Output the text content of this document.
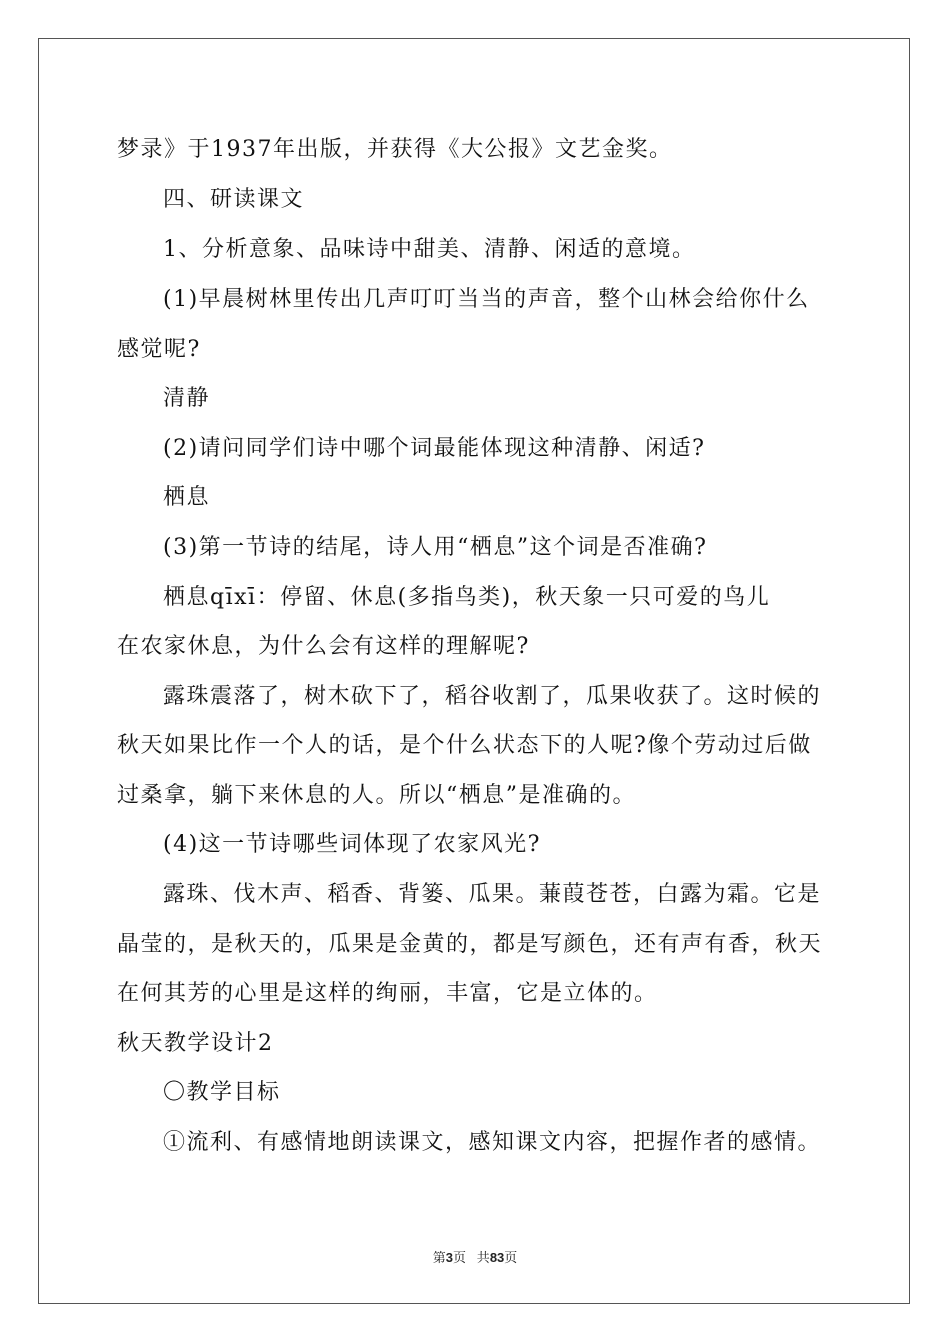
梦录》于1937年出版，并获得《大公报》文艺金奖。
四、研读课文
1、分析意象、品味诗中甜美、清静、闲适的意境。
(1)早晨树林里传出几声叮叮当当的声音，整个山林会给你什么
感觉呢?
清静
(2)请问同学们诗中哪个词最能体现这种清静、闲适?
栖息
(3)第一节诗的结尾，诗人用“栖息”这个词是否准确?
栖息qīxī：停留、休息(多指鸟类)，秋天象一只可爱的鸟儿
在农家休息，为什么会有这样的理解呢?
露珠震落了，树木砍下了，稻谷收割了，瓜果收获了。这时候的
秋天如果比作一个人的话，是个什么状态下的人呢?像个劳动过后做
过桑拿，躺下来休息的人。所以“栖息”是准确的。
(4)这一节诗哪些词体现了农家风光?
露珠、伐木声、稻香、背篓、瓜果。蒹葭苍苍，白露为霜。它是
晶莹的，是秋天的，瓜果是金黄的，都是写颜色，还有声有香，秋天
在何其芳的心里是这样的绚丽，丰富，它是立体的。
秋天教学设计2
〇教学目标
①流利、有感情地朗读课文，感知课文内容，把握作者的感情。
第3页 共83页
